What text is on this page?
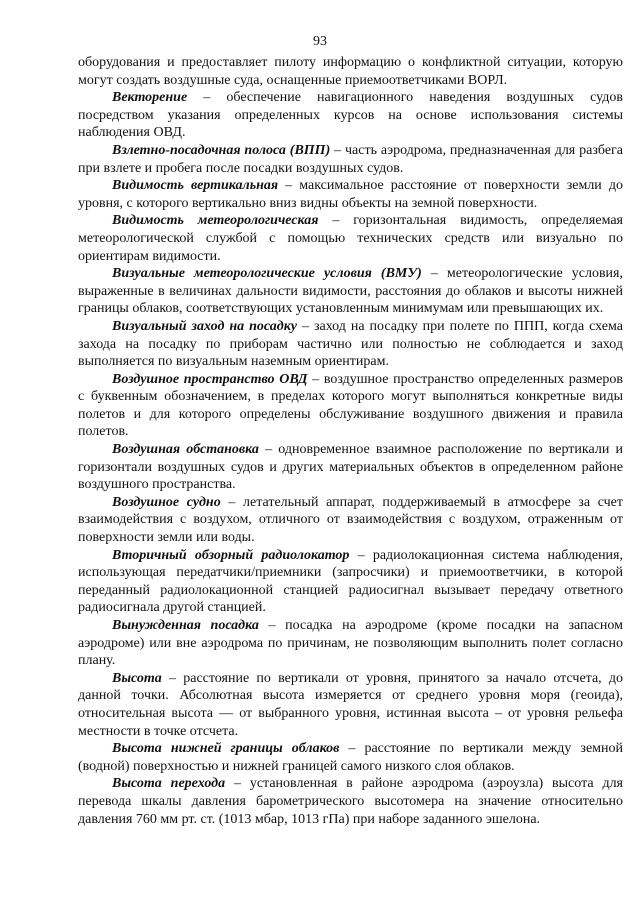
93

оборудования и предоставляет пилоту информацию о конфликтной ситуации, которую могут создать воздушные суда, оснащенные приемоответчиками ВОРЛ.

Векторение – обеспечение навигационного наведения воздушных судов посредством указания определенных курсов на основе использования системы наблюдения ОВД.

Взлетно-посадочная полоса (ВПП) – часть аэродрома, предназначенная для разбега при взлете и пробега после посадки воздушных судов.

Видимость вертикальная – максимальное расстояние от поверхности земли до уровня, с которого вертикально вниз видны объекты на земной поверхности.

Видимость метеорологическая – горизонтальная видимость, определяемая метеорологической службой с помощью технических средств или визуально по ориентирам видимости.

Визуальные метеорологические условия (ВМУ) – метеорологические условия, выраженные в величинах дальности видимости, расстояния до облаков и высоты нижней границы облаков, соответствующих установленным минимумам или превышающих их.

Визуальный заход на посадку – заход на посадку при полете по ППП, когда схема захода на посадку по приборам частично или полностью не соблюдается и заход выполняется по визуальным наземным ориентирам.

Воздушное пространство ОВД – воздушное пространство определенных размеров с буквенным обозначением, в пределах которого могут выполняться конкретные виды полетов и для которого определены обслуживание воздушного движения и правила полетов.

Воздушная обстановка – одновременное взаимное расположение по вертикали и горизонтали воздушных судов и других материальных объектов в определенном районе воздушного пространства.

Воздушное судно – летательный аппарат, поддерживаемый в атмосфере за счет взаимодействия с воздухом, отличного от взаимодействия с воздухом, отраженным от поверхности земли или воды.

Вторичный обзорный радиолокатор – радиолокационная система наблюдения, использующая передатчики/приемники (запросчики) и приемоответчики, в которой переданный радиолокационной станцией радиосигнал вызывает передачу ответного радиосигнала другой станцией.

Вынужденная посадка – посадка на аэродроме (кроме посадки на запасном аэродроме) или вне аэродрома по причинам, не позволяющим выполнить полет согласно плану.

Высота – расстояние по вертикали от уровня, принятого за начало отсчета, до данной точки. Абсолютная высота измеряется от среднего уровня моря (геоида), относительная высота — от выбранного уровня, истинная высота – от уровня рельефа местности в точке отсчета.

Высота нижней границы облаков – расстояние по вертикали между земной (водной) поверхностью и нижней границей самого низкого слоя облаков.

Высота перехода – установленная в районе аэродрома (аэроузла) высота для перевода шкалы давления барометрического высотомера на значение относительно давления 760 мм рт. ст. (1013 мбар, 1013 гПа) при наборе заданного эшелона.
